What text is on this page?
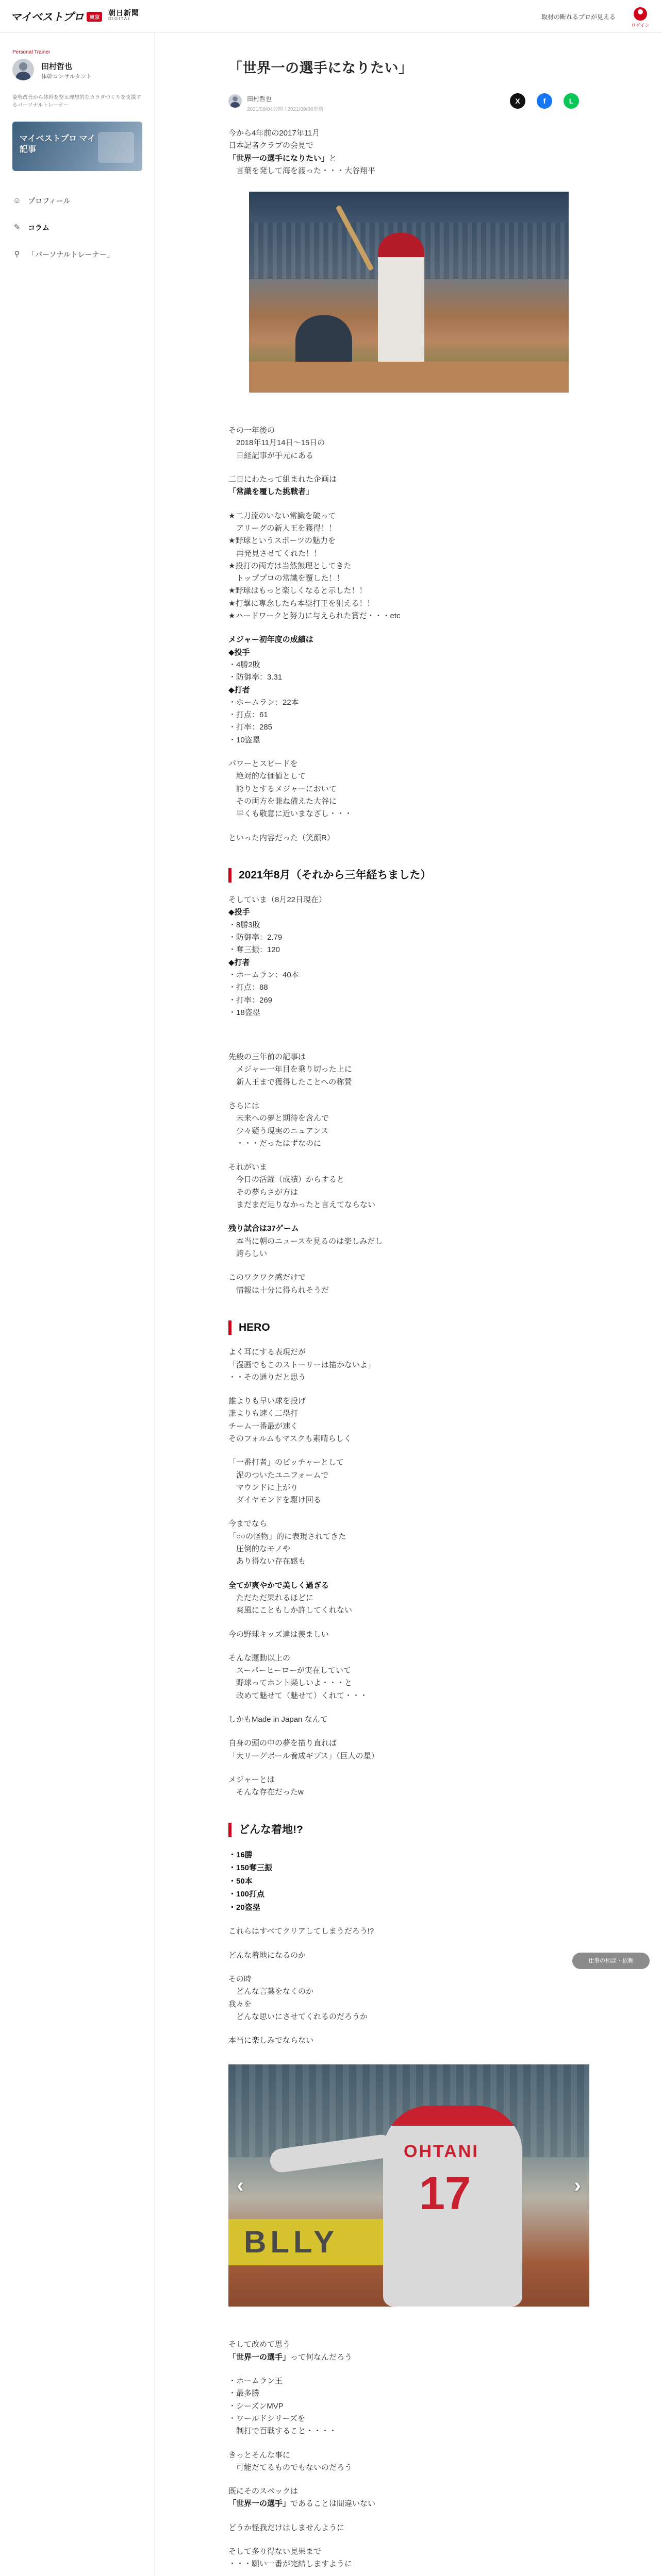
マイベストプロ	東京
朝日新聞
DIGITAL	取材の断れるプロが見える
ログイン
Personal Trainer
田村哲也
体幹コンサルタント
姿勢改善から体幹を整え理想的なカラダづくりを支援するパーソナルトレーナー
マイベストプロ マイ記事
☺ プロフィール
✎ コラム
⚲ 「パーソナルトレーナー」
「世界一の選手になりたい」
田村哲也
2021/09/04公開 / 2021/09/06更新
X	f	L
今から4年前の2017年11月
日本記者クラブの会見で
「世界一の選手になりたい」と
　言葉を発して海を渡った・・・大谷翔平
その一年後の
　2018年11月14日〜15日の
　日経記事が手元にある
二日にわたって組まれた企画は
「常識を覆した挑戦者」
★二刀流のいない常識を破って
　アリーグの新人王を獲得！！
★野球というスポーツの魅力を
　再発見させてくれた！！
★投打の両方は当然無理としてきた
　トッププロの常識を覆した！！
★野球はもっと楽しくなると示した！！
★打撃に専念したら本塁打王を狙える！！
★ハードワークと努力に与えられた賞だ・・・etc
メジャー初年度の成績は
◆投手
・4勝2敗
・防御率：3.31
◆打者
・ホームラン：22本
・打点：61
・打率：285
・10盗塁
パワーとスピードを
　絶対的な価値として
　誇りとするメジャーにおいて
　その両方を兼ね備えた大谷に
　早くも敬意に近いまなざし・・・
といった内容だった（笑顔R）
2021年8月（それから三年経ちました）
そしていま（8月22日現在）
◆投手
・8勝3敗
・防御率：2.79
・奪三振：120
◆打者
・ホームラン：40本
・打点：88
・打率：269
・18盗塁
先般の三年前の記事は
　メジャー一年目を乗り切った上に
　新人王まで獲得したことへの称賛
さらには
　未来への夢と期待を含んで
　少々疑う現実のニュアンス
　・・・だったはずなのに
それがいま
　今日の活躍（成績）からすると
　その夢らさが方は
　まだまだ足りなかったと言えてならない
残り試合は37ゲーム
　本当に朝のニュースを見るのは楽しみだし
　誇らしい
このワクワク感だけで
　情報は十分に得られそうだ
HERO
よく耳にする表現だが
「漫画でもこのストーリーは描かないよ」
・・その通りだと思う
誰よりも早い球を投げ
誰よりも速く二塁打
チーム一番最が速く
そのフォルムもマスクも素晴らしく
「一番打者」のピッチャーとして
　泥のついたユニフォームで
　マウンドに上がり
　ダイヤモンドを駆け回る
今までなら
「○○の怪物」的に表現されてきた
　圧倒的なモノや
　あり得ない存在感も
全てが爽やかで美しく過ぎる
　ただただ果れるほどに
　爽風にこともしか許してくれない
今の野球キッズ達は羨ましい
そんな運動以上の
　スーパーヒーローが実在していて
　野球ってホント楽しいよ・・・と
　改めて魅せて（魅せて）くれて・・・
しかもMade in Japan なんて
自身の頭の中の夢を描り直れば
「大リーグボール養成ギブス」（巨人の星）
メジャーとは
　そんな存在だったw
どんな着地!?
・16勝
・150奪三振
・50本
・100打点
・20盗塁
これらはすべてクリアしてしまうだろう!?
どんな着地になるのか
その時
　どんな言葉をなくのか
我々を
　どんな思いにさせてくれるのだろうか
本当に楽しみでならない
BLLY
OHTANI
17
‹	›
そして改めて思う
「世界一の選手」って何なんだろう
・ホームラン王
・最多勝
・シーズンMVP
・ワールドシリーズを
　制打で百戦すること・・・・
きっとそんな事に
　可能だてるものでもないのだろう
既にそのスペックは
「世界一の選手」であることは間違いない
どうか怪我だけはしませんように
そして多り得ない見果まで
・・・願い一番が完結しますように
仕事の相談・依頼
